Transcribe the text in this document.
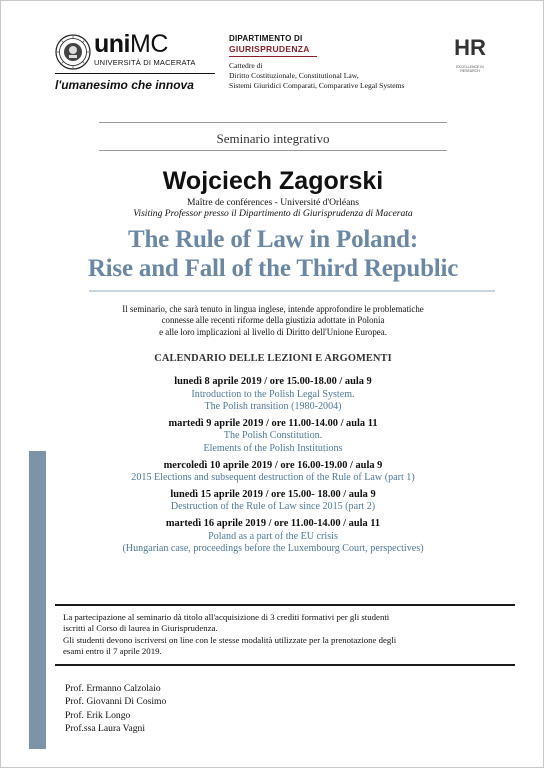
uniMC
UNIVERSITÀ DI MACERATA
l'umanesimo che innova
DIPARTIMENTO DI
GIURISPRUDENZA
Cattedre di
Diritto Costituzionale, Constitutional Law,
Sistemi Giuridici Comparati, Comparative Legal Systems
HR
EXCELLENCE IN RESEARCH
Seminario integrativo
Wojciech Zagorski
Maître de conférences - Université d'Orléans
Visiting Professor presso il Dipartimento di Giurisprudenza di Macerata
The Rule of Law in Poland:
Rise and Fall of the Third Republic
Il seminario, che sarà tenuto in lingua inglese, intende approfondire le problematiche
connesse alle recenti riforme della giustizia adottate in Polonia
e alle loro implicazioni al livello di Diritto dell'Unione Europea.
CALENDARIO DELLE LEZIONI E ARGOMENTI
lunedì 8 aprile 2019 / ore 15.00-18.00 / aula 9
Introduction to the Polish Legal System.
The Polish transition (1980-2004)
martedì 9 aprile 2019 / ore 11.00-14.00 / aula 11
The Polish Constitution.
Elements of the Polish Institutions
mercoledì 10 aprile 2019 / ore 16.00-19.00 / aula 9
2015 Elections and subsequent destruction of the Rule of Law (part 1)
lunedì 15 aprile 2019 / ore 15.00- 18.00 / aula 9
Destruction of the Rule of Law since 2015 (part 2)
martedì 16 aprile 2019 / ore 11.00-14.00 / aula 11
Poland as a part of the EU crisis
(Hungarian case, proceedings before the Luxembourg Court, perspectives)
La partecipazione al seminario dà titolo all'acquisizione di 3 crediti formativi per gli studenti
iscritti al Corso di laurea in Giurisprudenza.
Gli studenti devono iscriversi on line con le stesse modalità utilizzate per la prenotazione degli
esami entro il 7 aprile 2019.
Prof. Ermanno Calzolaio
Prof. Giovanni Di Cosimo
Prof. Erik Longo
Prof.ssa Laura Vagni
